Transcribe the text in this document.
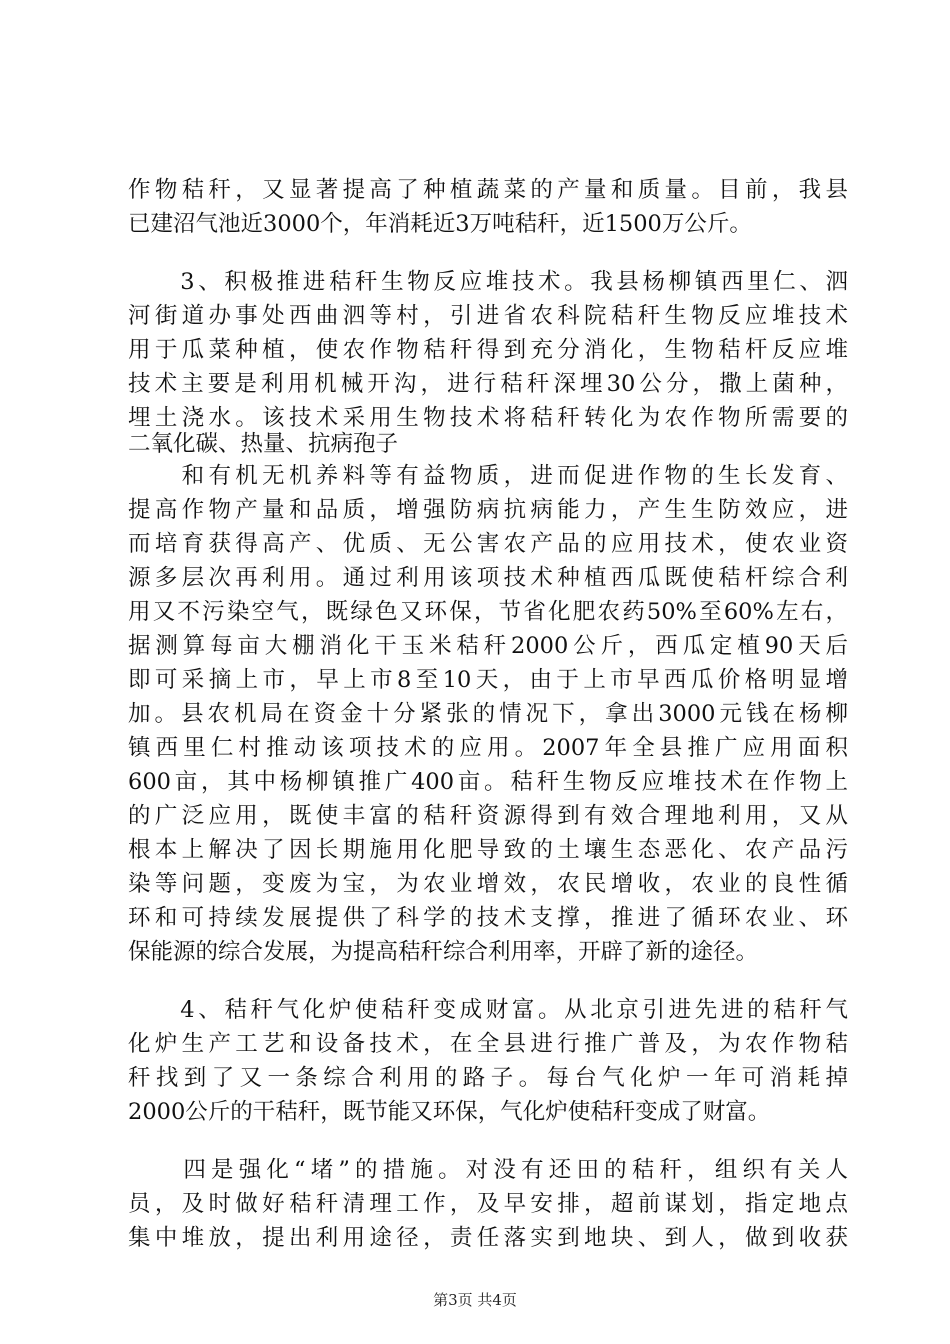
作物秸秆，又显著提高了种植蔬菜的产量和质量。目前，我县
已建沼气池近3000个，年消耗近3万吨秸秆，近1500万公斤。
　　3、积极推进秸秆生物反应堆技术。我县杨柳镇西里仁、泗
河街道办事处西曲泗等村，引进省农科院秸秆生物反应堆技术
用于瓜菜种植，使农作物秸秆得到充分消化，生物秸杆反应堆
技术主要是利用机械开沟，进行秸秆深埋30公分，撒上菌种，
埋土浇水。该技术采用生物技术将秸秆转化为农作物所需要的
二氧化碳、热量、抗病孢子
　　和有机无机养料等有益物质，进而促进作物的生长发育、
提高作物产量和品质，增强防病抗病能力，产生生防效应，进
而培育获得高产、优质、无公害农产品的应用技术，使农业资
源多层次再利用。通过利用该项技术种植西瓜既使秸杆综合利
用又不污染空气，既绿色又环保，节省化肥农药50%至60%左右，
据测算每亩大棚消化干玉米秸秆2000公斤，西瓜定植90天后
即可采摘上市，早上市8至10天，由于上市早西瓜价格明显增
加。县农机局在资金十分紧张的情况下，拿出3000元钱在杨柳
镇西里仁村推动该项技术的应用。2007年全县推广应用面积
600亩，其中杨柳镇推广400亩。秸秆生物反应堆技术在作物上
的广泛应用，既使丰富的秸秆资源得到有效合理地利用，又从
根本上解决了因长期施用化肥导致的土壤生态恶化、农产品污
染等问题，变废为宝，为农业增效，农民增收，农业的良性循
环和可持续发展提供了科学的技术支撑，推进了循环农业、环
保能源的综合发展，为提高秸秆综合利用率，开辟了新的途径。
　　4、秸秆气化炉使秸秆变成财富。从北京引进先进的秸秆气
化炉生产工艺和设备技术，在全县进行推广普及，为农作物秸
秆找到了又一条综合利用的路子。每台气化炉一年可消耗掉
2000公斤的干秸秆，既节能又环保，气化炉使秸秆变成了财富。
　　四是强化“堵”的措施。对没有还田的秸秆，组织有关人
员，及时做好秸秆清理工作，及早安排，超前谋划，指定地点
集中堆放，提出利用途径，责任落实到地块、到人，做到收获
第3页 共4页
